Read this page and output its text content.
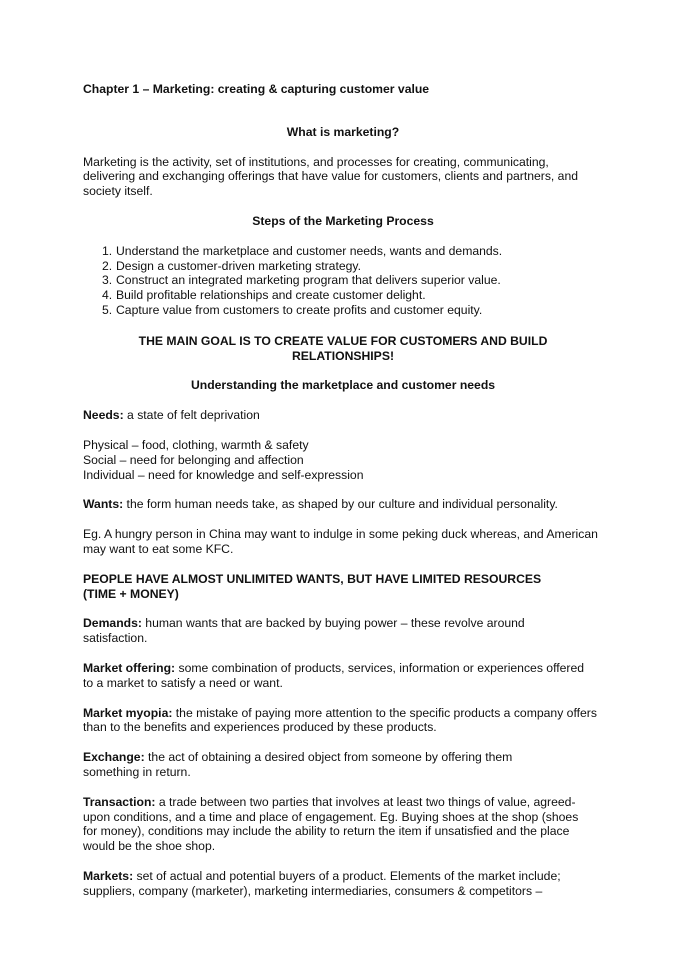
Chapter 1 – Marketing: creating & capturing customer value

What is marketing?

Marketing is the activity, set of institutions, and processes for creating, communicating, delivering and exchanging offerings that have value for customers, clients and partners, and society itself.

Steps of the Marketing Process

1. Understand the marketplace and customer needs, wants and demands.
2. Design a customer-driven marketing strategy.
3. Construct an integrated marketing program that delivers superior value.
4. Build profitable relationships and create customer delight.
5. Capture value from customers to create profits and customer equity.

THE MAIN GOAL IS TO CREATE VALUE FOR CUSTOMERS AND BUILD RELATIONSHIPS!

Understanding the marketplace and customer needs

Needs: a state of felt deprivation

Physical – food, clothing, warmth & safety

Social – need for belonging and affection

Individual – need for knowledge and self-expression

Wants: the form human needs take, as shaped by our culture and individual personality.

Eg. A hungry person in China may want to indulge in some peking duck whereas, and American may want to eat some KFC.

PEOPLE HAVE ALMOST UNLIMITED WANTS, BUT HAVE LIMITED RESOURCES (TIME + MONEY)

Demands: human wants that are backed by buying power – these revolve around satisfaction.

Market offering: some combination of products, services, information or experiences offered to a market to satisfy a need or want.

Market myopia: the mistake of paying more attention to the specific products a company offers than to the benefits and experiences produced by these products.

Exchange: the act of obtaining a desired object from someone by offering them something in return.

Transaction: a trade between two parties that involves at least two things of value, agreed-upon conditions, and a time and place of engagement. Eg. Buying shoes at the shop (shoes for money), conditions may include the ability to return the item if unsatisfied and the place would be the shoe shop.

Markets: set of actual and potential buyers of a product. Elements of the market include; suppliers, company (marketer), marketing intermediaries, consumers & competitors –
